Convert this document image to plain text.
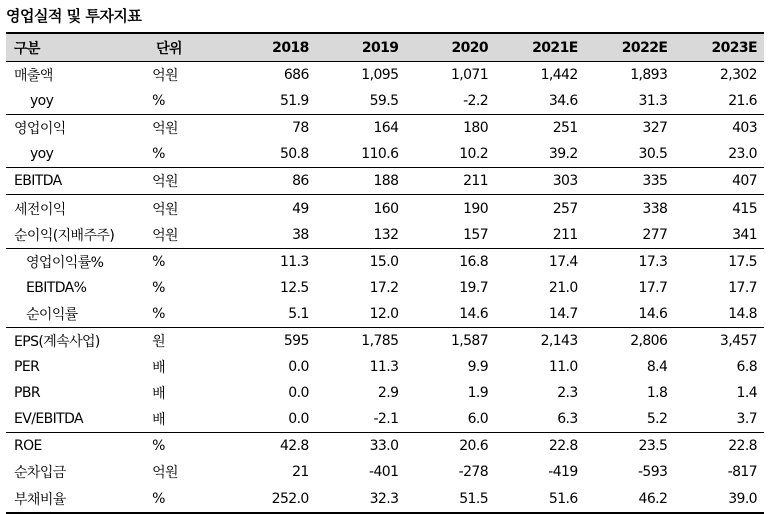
영업실적 및 투자지표
구분	단위	2018	2019	2020	2021E	2022E	2023E
매출액	억원	686	1,095	1,071	1,442	1,893	2,302
yoy	%	51.9	59.5	-2.2	34.6	31.3	21.6
영업이익	억원	78	164	180	251	327	403
yoy	%	50.8	110.6	10.2	39.2	30.5	23.0
EBITDA	억원	86	188	211	303	335	407
세전이익	억원	49	160	190	257	338	415
순이익(지배주주)	억원	38	132	157	211	277	341
영업이익률%	%	11.3	15.0	16.8	17.4	17.3	17.5
EBITDA%	%	12.5	17.2	19.7	21.0	17.7	17.7
순이익률	%	5.1	12.0	14.6	14.7	14.6	14.8
EPS(계속사업)	원	595	1,785	1,587	2,143	2,806	3,457
PER	배	0.0	11.3	9.9	11.0	8.4	6.8
PBR	배	0.0	2.9	1.9	2.3	1.8	1.4
EV/EBITDA	배	0.0	-2.1	6.0	6.3	5.2	3.7
ROE	%	42.8	33.0	20.6	22.8	23.5	22.8
순차입금	억원	21	-401	-278	-419	-593	-817
부채비율	%	252.0	32.3	51.5	51.6	46.2	39.0
